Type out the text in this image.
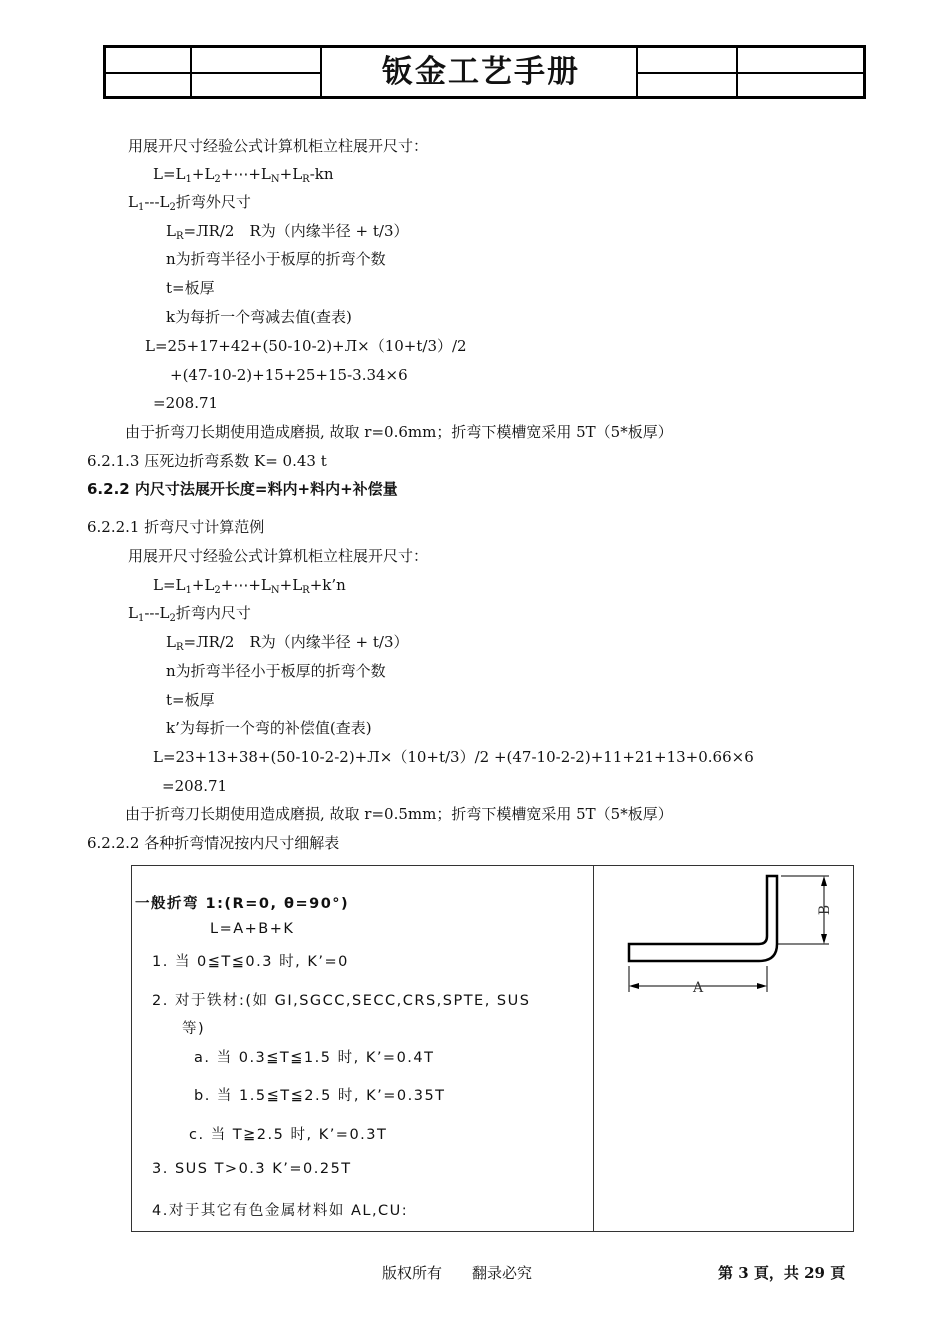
钣金工艺手册
用展开尺寸经验公式计算机柜立柱展开尺寸：
$L=L_1+L_2+\cdots+L_N+L_R-kn$
$L_1---L_2$折弯外尺寸
$L_R=ЛR/2$　R为（内缘半径 + t/3）
n为折弯半径小于板厚的折弯个数
t=板厚
k为每折一个弯减去值(查表)
L=25+17+42+(50-10-2)+Л×（10+t/3）/2
+(47-10-2)+15+25+15-3.34×6
=208.71
由于折弯刀长期使用造成磨损, 故取 r=0.6mm；折弯下模槽宽采用 5T（5*板厚）
6.2.1.3 压死边折弯系数 K= 0.43 t
6.2.2 内尺寸法展开长度=料内+料内+补偿量
6.2.2.1 折弯尺寸计算范例
用展开尺寸经验公式计算机柜立柱展开尺寸：
$L=L_1+L_2+\cdots+L_N+L_R+k’n$
$L_1---L_2$折弯内尺寸
$L_R=ЛR/2$　R为（内缘半径 + t/3）
n为折弯半径小于板厚的折弯个数
t=板厚
k’为每折一个弯的补偿值(查表)
L=23+13+38+(50-10-2-2)+Л×（10+t/3）/2 +(47-10-2-2)+11+21+13+0.66×6
=208.71
由于折弯刀长期使用造成磨损, 故取 r=0.5mm；折弯下模槽宽采用 5T（5*板厚）
6.2.2.2 各种折弯情况按内尺寸细解表
一般折弯 1:(R=0, θ=90°)
L=A+B+K
1. 当 0≦T≦0.3 时, K’=0
2. 对于铁材:(如 GI,SGCC,SECC,CRS,SPTE, SUS
等)
a. 当 0.3≦T≦1.5 时, K’=0.4T
b. 当 1.5≦T≦2.5 时, K’=0.35T
c. 当 T≧2.5 时, K’=0.3T
3. SUS T>0.3 K’=0.25T
4.对于其它有色金属材料如 AL,CU:
A
B
版权所有　　翻录必究	第 3 頁，共 29 頁
